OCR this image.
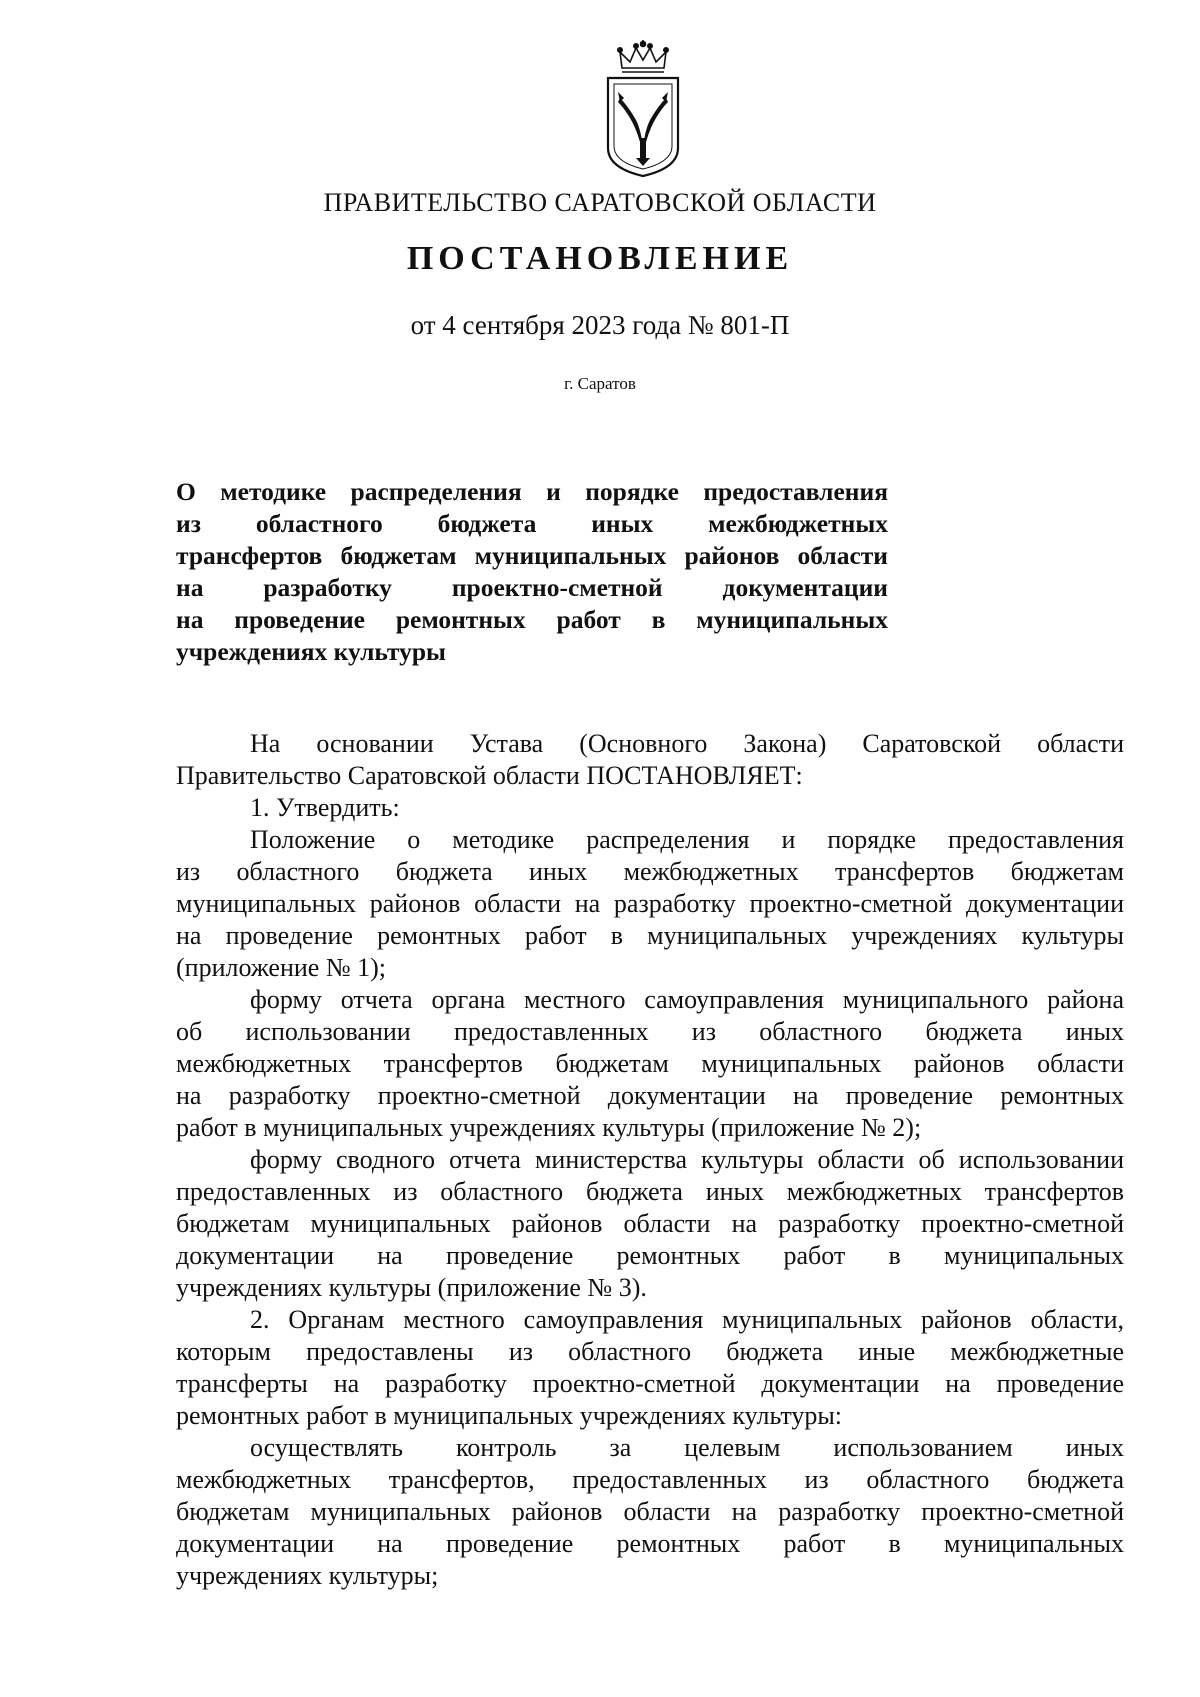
ПРАВИТЕЛЬСТВО САРАТОВСКОЙ ОБЛАСТИ
ПОСТАНОВЛЕНИЕ
от 4 сентября 2023 года № 801-П
г. Саратов
О методике распределения и порядке предоставления
из областного бюджета иных межбюджетных
трансфертов бюджетам муниципальных районов области
на разработку проектно-сметной документации
на проведение ремонтных работ в муниципальных
учреждениях культуры
На основании Устава (Основного Закона) Саратовской области
Правительство Саратовской области ПОСТАНОВЛЯЕТ:
1. Утвердить:
Положение о методике распределения и порядке предоставления
из областного бюджета иных межбюджетных трансфертов бюджетам
муниципальных районов области на разработку проектно-сметной документации
на проведение ремонтных работ в муниципальных учреждениях культуры
(приложение № 1);
форму отчета органа местного самоуправления муниципального района
об использовании предоставленных из областного бюджета иных
межбюджетных трансфертов бюджетам муниципальных районов области
на разработку проектно-сметной документации на проведение ремонтных
работ в муниципальных учреждениях культуры (приложение № 2);
форму сводного отчета министерства культуры области об использовании
предоставленных из областного бюджета иных межбюджетных трансфертов
бюджетам муниципальных районов области на разработку проектно-сметной
документации на проведение ремонтных работ в муниципальных
учреждениях культуры (приложение № 3).
2. Органам местного самоуправления муниципальных районов области,
которым предоставлены из областного бюджета иные межбюджетные
трансферты на разработку проектно-сметной документации на проведение
ремонтных работ в муниципальных учреждениях культуры:
осуществлять контроль за целевым использованием иных
межбюджетных трансфертов, предоставленных из областного бюджета
бюджетам муниципальных районов области на разработку проектно-сметной
документации на проведение ремонтных работ в муниципальных
учреждениях культуры;
